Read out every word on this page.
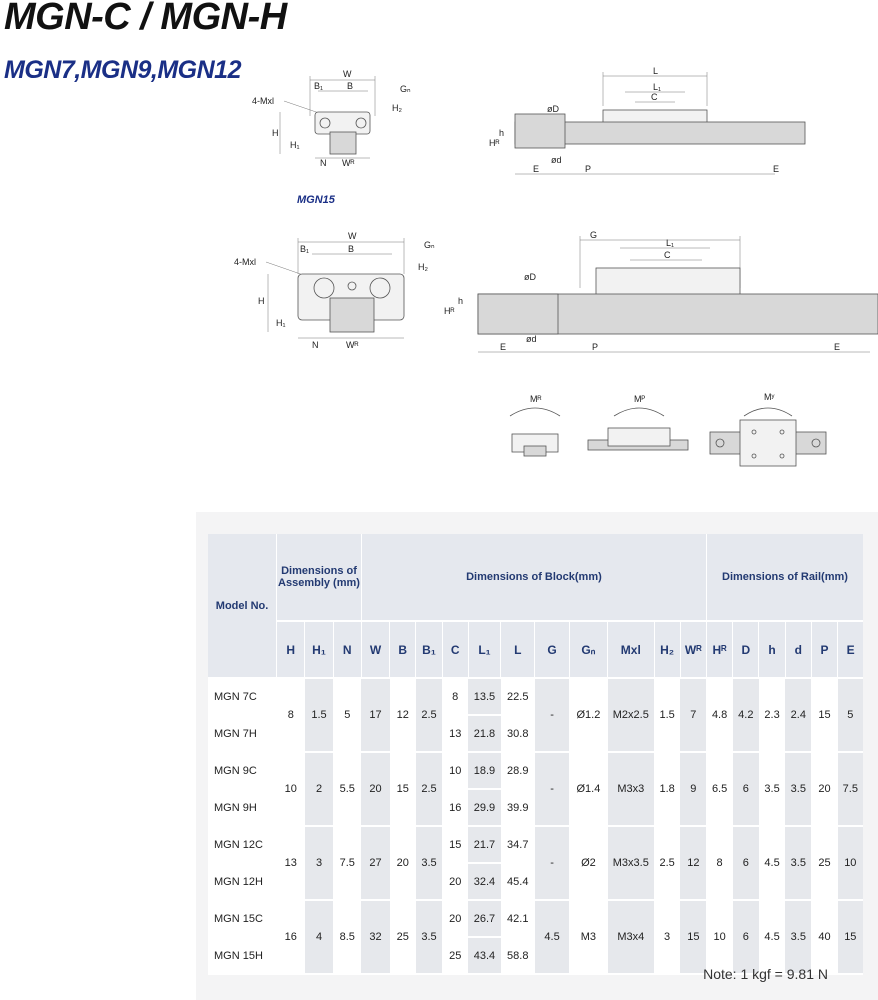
MGN-C / MGN-H
MGN7,MGN9,MGN12
MGN15
W
B
B₁	Gₙ
4-Mxl
H
H₁
H₂
N Wᴿ
L
L₁
C
øD
ød
Hᴿ
h
E	P	E
W
B
B₁	Gₙ
4-Mxl
H
H₁
H₂
N	Wᴿ
G
L₁
C
øD
ød
Hᴿ
h
E	P	E
Mᴿ	Mᴾ	Mʸ
Model No.	Dimensions of Assembly (mm)			Dimensions of Block(mm)											Dimensions of Rail(mm)					
	H	H₁	N	W	B	B₁	C	L₁	L	G	Gₙ	Mxl	H₂	Wᴿ	Hᴿ	D	h	d	P	E
MGN 7C	8	1.5	5	17	12	2.5	8	13.5	22.5	-	Ø1.2	M2x2.5	1.5	7	4.8	4.2	2.3	2.4	15	5
MGN 7H							13	21.8	30.8											
MGN 9C	10	2	5.5	20	15	2.5	10	18.9	28.9	-	Ø1.4	M3x3	1.8	9	6.5	6	3.5	3.5	20	7.5
MGN 9H							16	29.9	39.9											
MGN 12C	13	3	7.5	27	20	3.5	15	21.7	34.7	-	Ø2	M3x3.5	2.5	12	8	6	4.5	3.5	25	10
MGN 12H							20	32.4	45.4											
MGN 15C	16	4	8.5	32	25	3.5	20	26.7	42.1	4.5	M3	M3x4	3	15	10	6	4.5	3.5	40	15
MGN 15H							25	43.4	58.8											
Note: 1 kgf = 9.81 N
